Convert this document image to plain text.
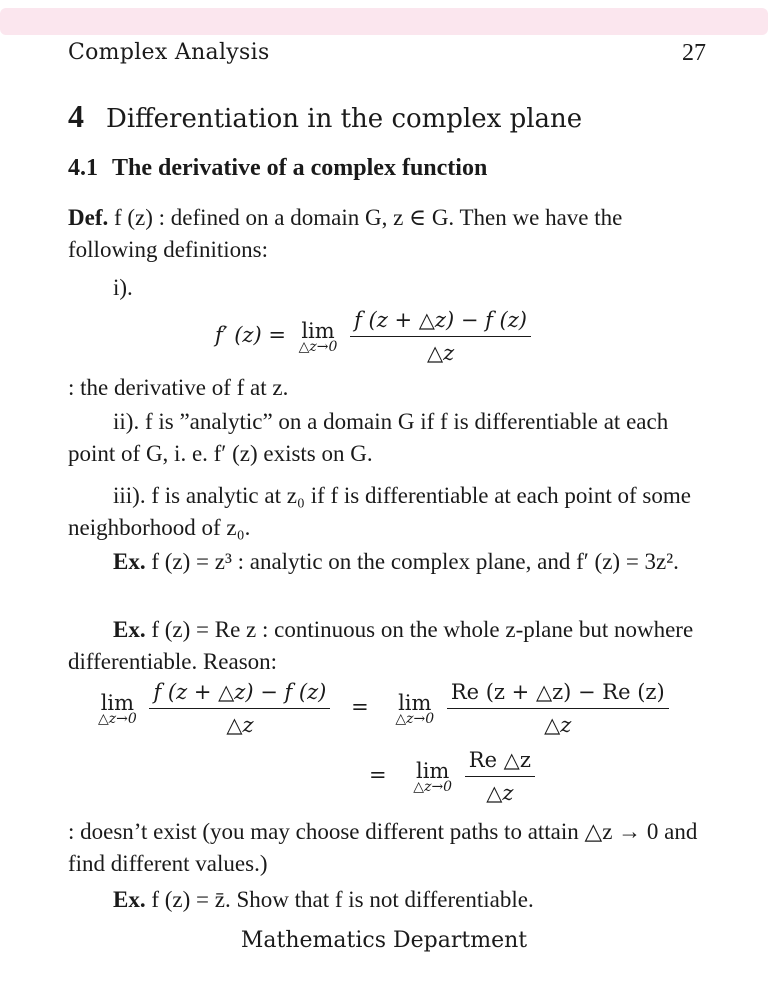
Complex Analysis	27
4 Differentiation in the complex plane
4.1 The derivative of a complex function
Def. f (z) : defined on a domain G, z ∈ G. Then we have the following definitions:
i).
f′ (z) = lim
△z→0
$\frac{f (z + \triangle z) - f (z)}{\triangle z}$
: the derivative of f at z.
ii). f is ”analytic” on a domain G if f is differentiable at each point of G, i. e. f′ (z) exists on G.
iii). f is analytic at z₀ if f is differentiable at each point of some neighborhood of z₀.
Ex. f (z) = z³ : analytic on the complex plane, and f′ (z) = 3z².
Ex. f (z) = Re z : continuous on the whole z-plane but nowhere differentiable. Reason:
lim
△z→0
$\frac{f (z + \triangle z) - f (z)}{\triangle z} = \lim$
△z→0
$\frac{Re (z + \triangle z) - Re (z)}{\triangle z}$
= lim
△z→0
$\frac{Re \triangle z}{\triangle z}$
: doesn’t exist (you may choose different paths to attain △z → 0 and find different values.)
Ex. f (z) = z̄. Show that f is not differentiable.
Mathematics Department
